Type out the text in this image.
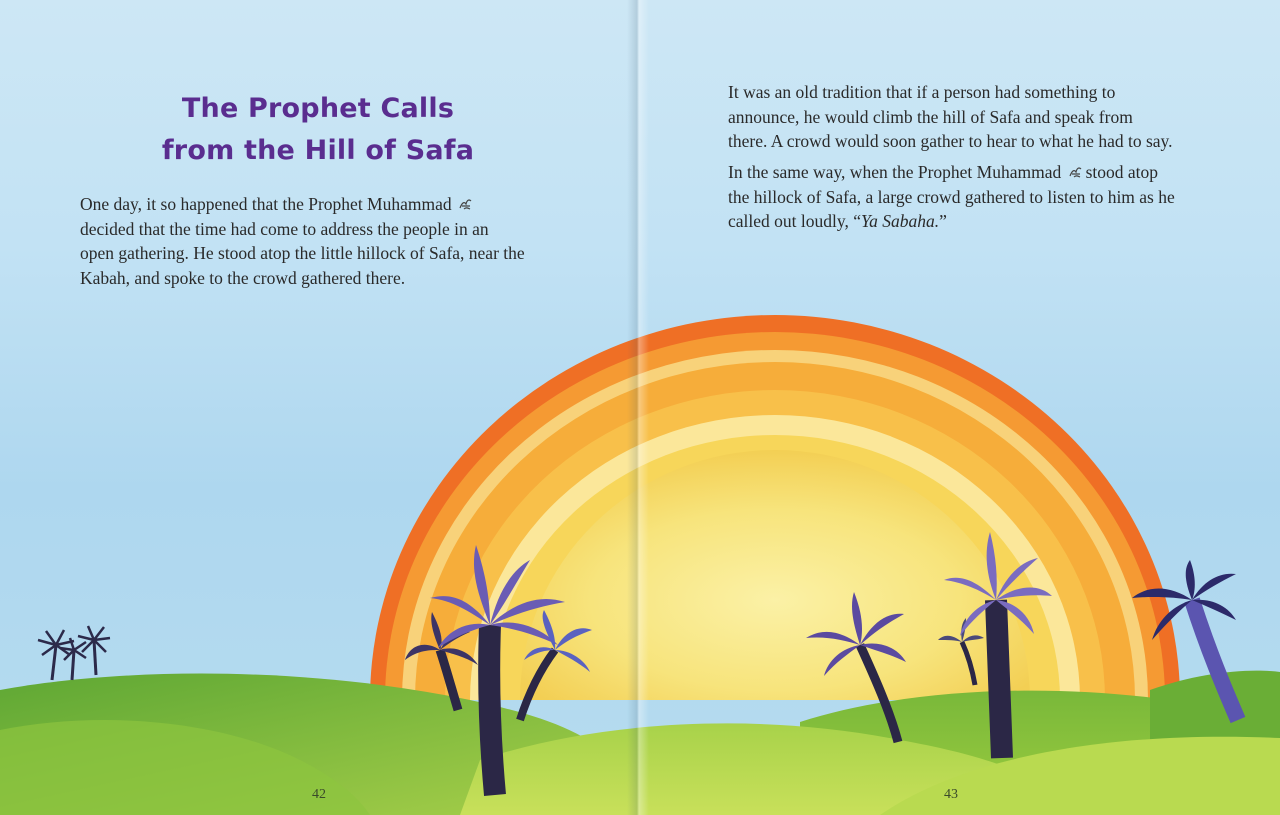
The Prophet Calls
from the Hill of Safa

One day, it so happened that the Prophet Muhammad
decided that the time had come to address the people in an
open gathering. He stood atop the little hillock of Safa, near the
Kabah, and spoke to the crowd gathered there.

42

It was an old tradition that if a person had something to
announce, he would climb the hill of Safa and speak from
there. A crowd would soon gather to hear to what he had to say.

In the same way, when the Prophet Muhammad stood atop
the hillock of Safa, a large crowd gathered to listen to him as he
called out loudly, “Ya Sabaha.”

43
